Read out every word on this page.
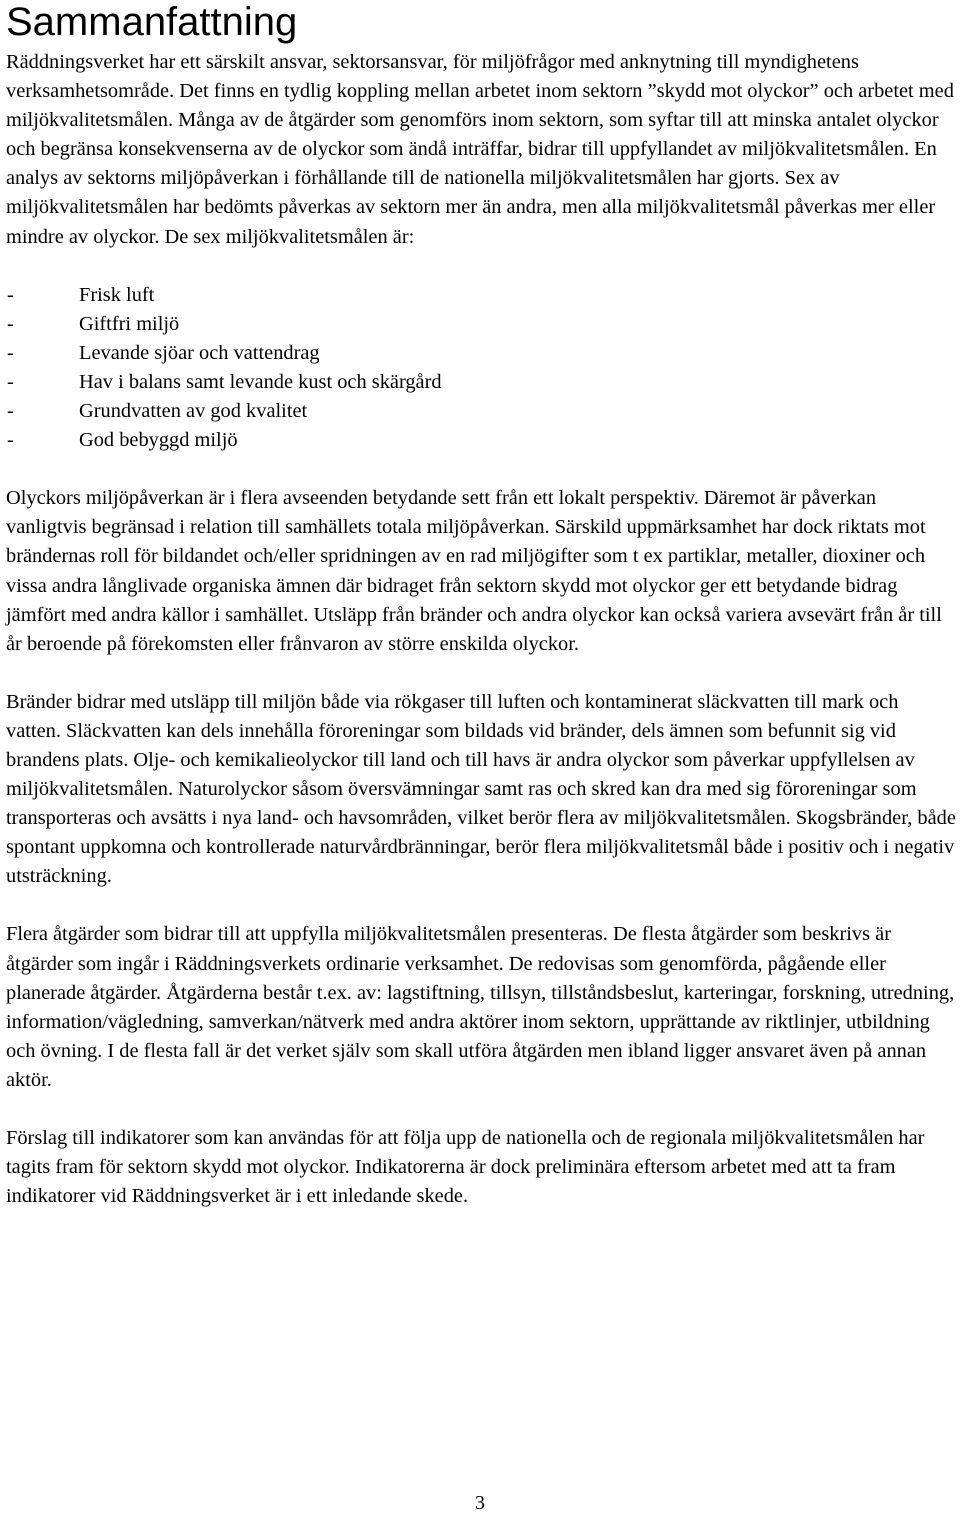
Sammanfattning

Räddningsverket har ett särskilt ansvar, sektorsansvar, för miljöfrågor med anknytning till myndighetens verksamhetsområde. Det finns en tydlig koppling mellan arbetet inom sektorn ”skydd mot olyckor” och arbetet med miljökvalitetsmålen. Många av de åtgärder som genomförs inom sektorn, som syftar till att minska antalet olyckor och begränsa konsekvenserna av de olyckor som ändå inträffar, bidrar till uppfyllandet av miljökvalitetsmålen. En analys av sektorns miljöpåverkan i förhållande till de nationella miljökvalitetsmålen har gjorts. Sex av miljökvalitetsmålen har bedömts påverkas av sektorn mer än andra, men alla miljökvalitetsmål påverkas mer eller mindre av olyckor. De sex miljökvalitetsmålen är:

-	Frisk luft
-	Giftfri miljö
-	Levande sjöar och vattendrag
-	Hav i balans samt levande kust och skärgård
-	Grundvatten av god kvalitet
-	God bebyggd miljö

Olyckors miljöpåverkan är i flera avseenden betydande sett från ett lokalt perspektiv. Däremot är påverkan vanligtvis begränsad i relation till samhällets totala miljöpåverkan. Särskild uppmärksamhet har dock riktats mot brändernas roll för bildandet och/eller spridningen av en rad miljögifter som t ex partiklar, metaller, dioxiner och vissa andra långlivade organiska ämnen där bidraget från sektorn skydd mot olyckor ger ett betydande bidrag jämfört med andra källor i samhället. Utsläpp från bränder och andra olyckor kan också variera avsevärt från år till år beroende på förekomsten eller frånvaron av större enskilda olyckor.

Bränder bidrar med utsläpp till miljön både via rökgaser till luften och kontaminerat släckvatten till mark och vatten. Släckvatten kan dels innehålla föroreningar som bildads vid bränder, dels ämnen som befunnit sig vid brandens plats. Olje- och kemikalieolyckor till land och till havs är andra olyckor som påverkar uppfyllelsen av miljökvalitetsmålen. Naturolyckor såsom översvämningar samt ras och skred kan dra med sig föroreningar som transporteras och avsätts i nya land- och havsområden, vilket berör flera av miljökvalitetsmålen. Skogsbränder, både spontant uppkomna och kontrollerade naturvårdbränningar, berör flera miljökvalitetsmål både i positiv och i negativ utsträckning.

Flera åtgärder som bidrar till att uppfylla miljökvalitetsmålen presenteras. De flesta åtgärder som beskrivs är åtgärder som ingår i Räddningsverkets ordinarie verksamhet. De redovisas som genomförda, pågående eller planerade åtgärder. Åtgärderna består t.ex. av: lagstiftning, tillsyn, tillståndsbeslut, karteringar, forskning, utredning, information/vägledning, samverkan/nätverk med andra aktörer inom sektorn, upprättande av riktlinjer, utbildning och övning. I de flesta fall är det verket själv som skall utföra åtgärden men ibland ligger ansvaret även på annan aktör.

Förslag till indikatorer som kan användas för att följa upp de nationella och de regionala miljökvalitetsmålen har tagits fram för sektorn skydd mot olyckor. Indikatorerna är dock preliminära eftersom arbetet med att ta fram indikatorer vid Räddningsverket är i ett inledande skede.

3
